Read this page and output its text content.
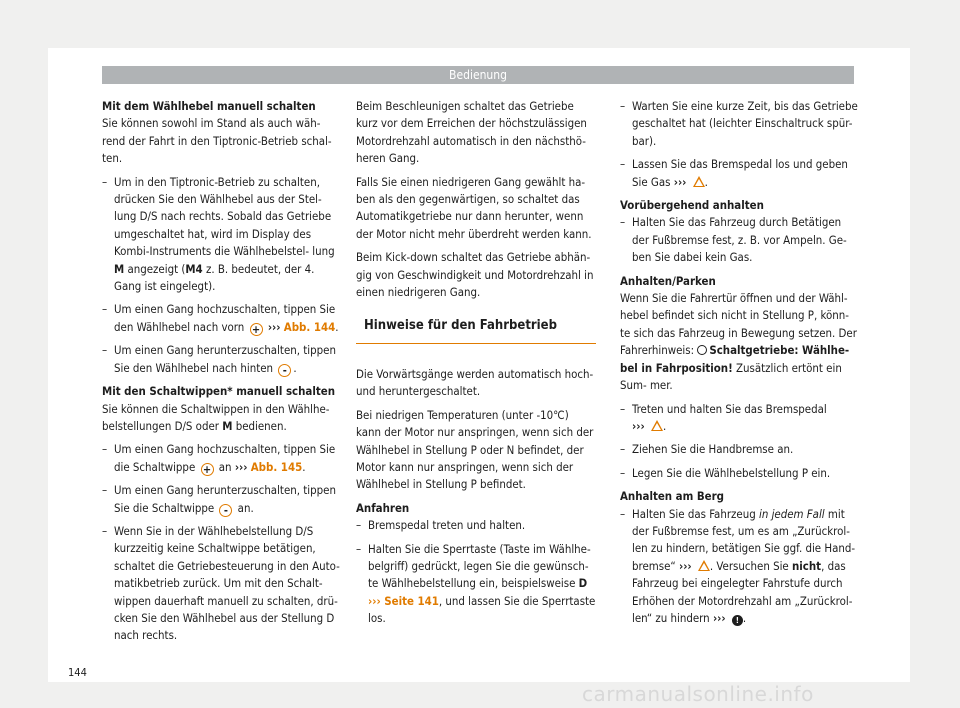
Bedienung

Mit dem Wählhebel manuell schalten

Sie können sowohl im Stand als auch wäh- rend der Fahrt in den Tiptronic-Betrieb schal- ten.

– Um in den Tiptronic-Betrieb zu schalten, drücken Sie den Wählhebel aus der Stel- lung D/S nach rechts. Sobald das Getriebe umgeschaltet hat, wird im Display des Kombi-Instruments die Wählhebelstel- lung M angezeigt (M4 z. B. bedeutet, der 4. Gang ist eingelegt).
– Um einen Gang hochzuschalten, tippen Sie den Wählhebel nach vorn + ››› Abb. 144.
– Um einen Gang herunterzuschalten, tippen Sie den Wählhebel nach hinten - .

Mit den Schaltwippen* manuell schalten

Sie können die Schaltwippen in den Wählhe- belstellungen D/S oder M bedienen.

– Um einen Gang hochzuschalten, tippen Sie die Schaltwippe + an ››› Abb. 145.
– Um einen Gang herunterzuschalten, tippen Sie die Schaltwippe - an.
– Wenn Sie in der Wählhebelstellung D/S kurzzeitig keine Schaltwippe betätigen, schaltet die Getriebesteuerung in den Auto- matikbetrieb zurück. Um mit den Schalt- wippen dauerhaft manuell zu schalten, drü- cken Sie den Wählhebel aus der Stellung D nach rechts.

Beim Beschleunigen schaltet das Getriebe kurz vor dem Erreichen der höchstzulässigen Motordrehzahl automatisch in den nächsthö- heren Gang.

Falls Sie einen niedrigeren Gang gewählt ha- ben als den gegenwärtigen, so schaltet das Automatikgetriebe nur dann herunter, wenn der Motor nicht mehr überdreht werden kann.

Beim Kick-down schaltet das Getriebe abhän- gig von Geschwindigkeit und Motordrehzahl in einen niedrigeren Gang.

Hinweise für den Fahrbetrieb

Die Vorwärtsgänge werden automatisch hoch- und heruntergeschaltet.

Bei niedrigen Temperaturen (unter -10℃) kann der Motor nur anspringen, wenn sich der Wählhebel in Stellung P oder N befindet, der Motor kann nur anspringen, wenn sich der Wählhebel in Stellung P befindet.

Anfahren

– Bremspedal treten und halten.
– Halten Sie die Sperrtaste (Taste im Wählhe- belgriff) gedrückt, legen Sie die gewünsch- te Wählhebelstellung ein, beispielsweise D ››› Seite 141, und lassen Sie die Sperrtaste los.
– Warten Sie eine kurze Zeit, bis das Getriebe geschaltet hat (leichter Einschaltruck spür- bar).
– Lassen Sie das Bremspedal los und geben Sie Gas ››› .

Vorübergehend anhalten

– Halten Sie das Fahrzeug durch Betätigen der Fußbremse fest, z. B. vor Ampeln. Ge- ben Sie dabei kein Gas.

Anhalten/Parken

Wenn Sie die Fahrertür öffnen und der Wähl- hebel befindet sich nicht in Stellung P, könn- te sich das Fahrzeug in Bewegung setzen. Der Fahrerhinweis: Schaltgetriebe: Wählhe- bel in Fahrposition! Zusätzlich ertönt ein Sum- mer.

– Treten und halten Sie das Bremspedal
››› .
– Ziehen Sie die Handbremse an.
– Legen Sie die Wählhebelstellung P ein.

Anhalten am Berg

– Halten Sie das Fahrzeug in jedem Fall mit der Fußbremse fest, um es am „Zurückrol- len zu hindern, betätigen Sie ggf. die Hand- bremse“ ››› . Versuchen Sie nicht, das Fahrzeug bei eingelegter Fahrstufe durch Erhöhen der Motordrehzahl am „Zurückrol- len“ zu hindern ››› ! .
144
carmanualsonline.info
